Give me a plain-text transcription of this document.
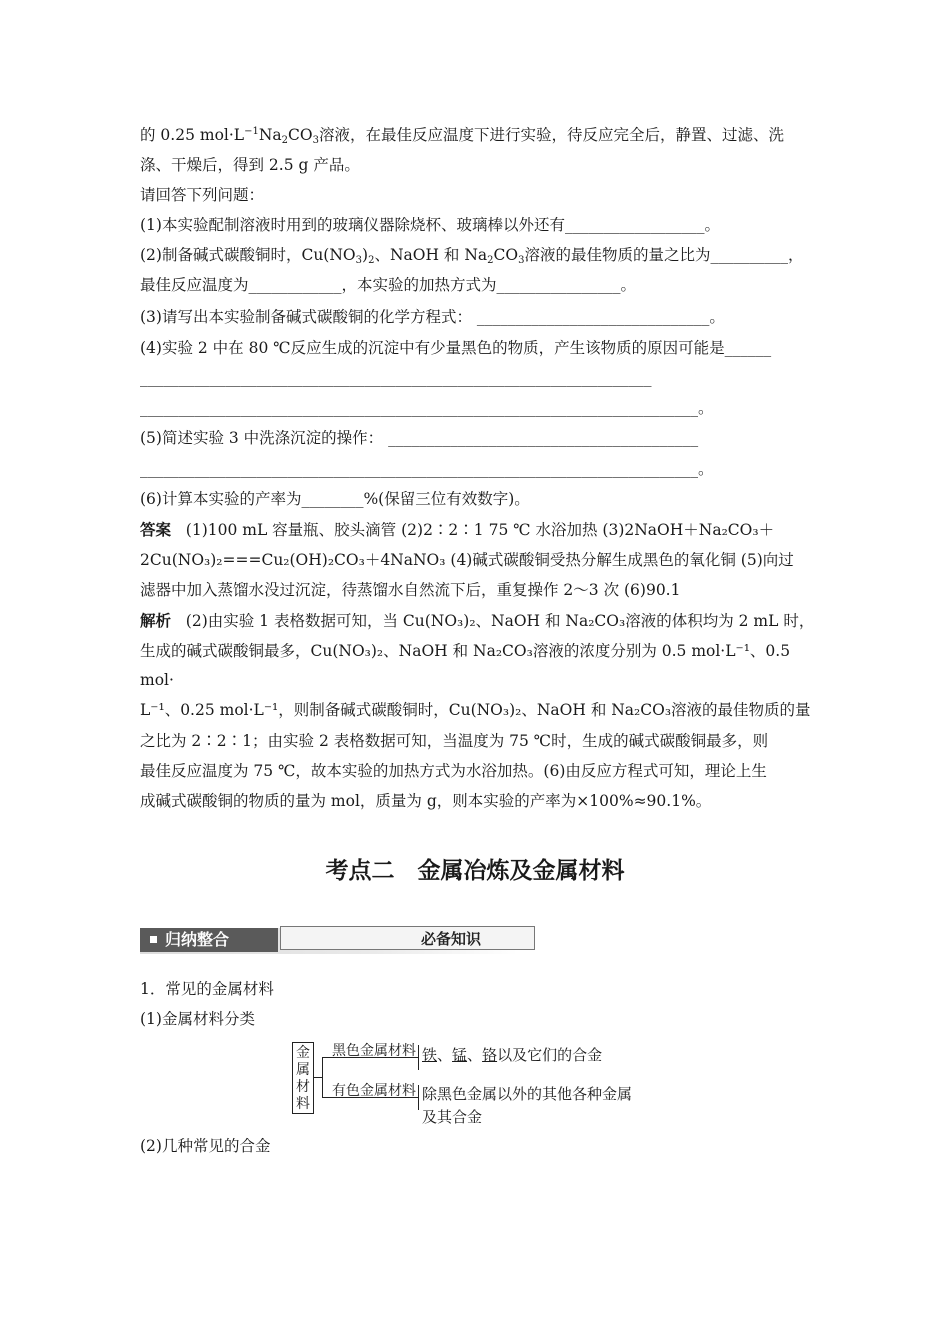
的 0.25 $mol\cdot L^{-1}Na_2CO_3$溶液，在最佳反应温度下进行实验，待反应完全后，静置、过滤、洗
涤、干燥后，得到 2.5 g 产品。
请回答下列问题：
(1)本实验配制溶液时用到的玻璃仪器除烧杯、玻璃棒以外还有__________________。
(2)制备碱式碳酸铜时，$Cu(NO_3)_2$、NaOH 和 $Na_2CO_3$溶液的最佳物质的量之比为__________，
最佳反应温度为____________，本实验的加热方式为________________。
(3)请写出本实验制备碱式碳酸铜的化学方程式： ______________________________。
(4)实验 2 中在 80 ℃反应生成的沉淀中有少量黑色的物质，产生该物质的原因可能是______
__________________________________________________________________
________________________________________________________________________。
(5)简述实验 3 中洗涤沉淀的操作： ________________________________________
________________________________________________________________________。
(6)计算本实验的产率为________%(保留三位有效数字)。
答案 (1)100 mL 容量瓶、胶头滴管 (2)2∶2∶1 75 ℃ 水浴加热 (3)2NaOH＋Na₂CO₃＋
2Cu(NO₃)₂===Cu₂(OH)₂CO₃＋4NaNO₃ (4)碱式碳酸铜受热分解生成黑色的氧化铜 (5)向过
滤器中加入蒸馏水没过沉淀，待蒸馏水自然流下后，重复操作 2～3 次 (6)90.1
解析 (2)由实验 1 表格数据可知，当 Cu(NO₃)₂、NaOH 和 Na₂CO₃溶液的体积均为 2 mL 时，
生成的碱式碳酸铜最多，Cu(NO₃)₂、NaOH 和 Na₂CO₃溶液的浓度分别为 0.5 mol·L⁻¹、0.5
mol·
L⁻¹、0.25 mol·L⁻¹，则制备碱式碳酸铜时，Cu(NO₃)₂、NaOH 和 Na₂CO₃溶液的最佳物质的量
之比为 2∶2∶1；由实验 2 表格数据可知，当温度为 75 ℃时，生成的碱式碳酸铜最多，则
最佳反应温度为 75 ℃，故本实验的加热方式为水浴加热。(6)由反应方程式可知，理论上生
成碱式碳酸铜的物质的量为 mol，质量为 g，则本实验的产率为×100%≈90.1%。
考点二　金属冶炼及金属材料
必备知识
归纳整合
1．常见的金属材料
(1)金属材料分类
金属材料
黑色金属材料
有色金属材料
铁、锰、铬以及它们的合金
除黑色金属以外的其他各种金属
及其合金
(2)几种常见的合金
